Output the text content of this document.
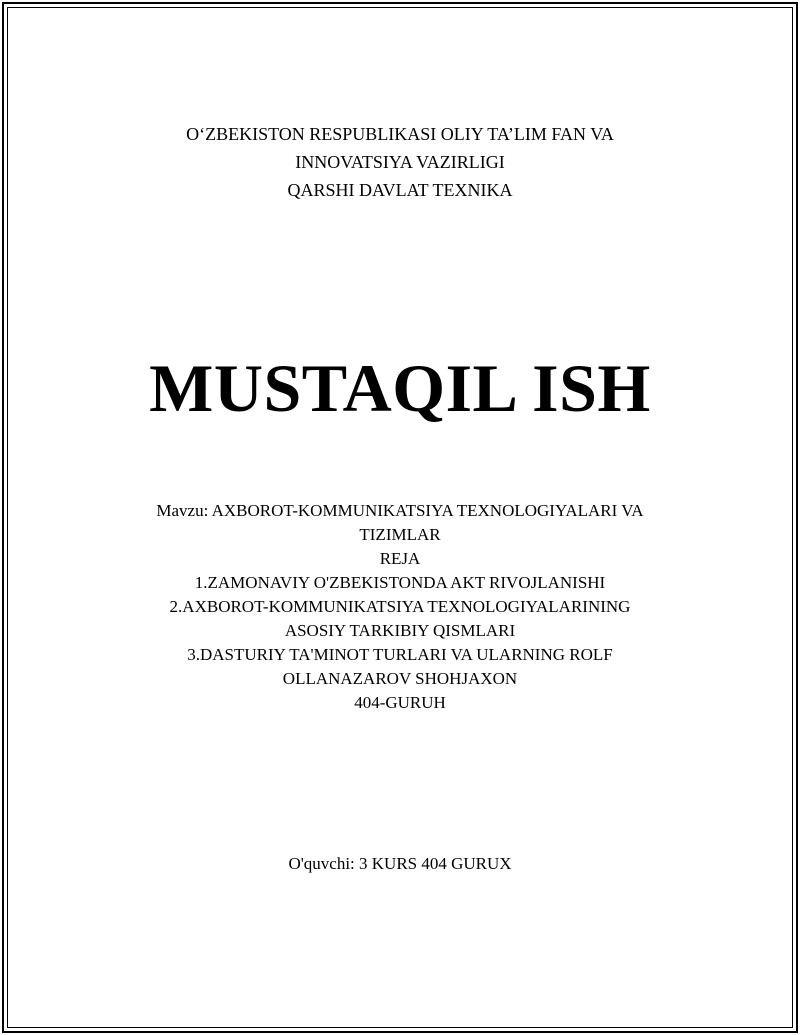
O‘ZBEKISTON RESPUBLIKASI OLIY TA’LIM FAN VA
INNOVATSIYA VAZIRLIGI
QARSHI DAVLAT TEXNIKA
MUSTAQIL ISH
Mavzu: AXBOROT-KOMMUNIKATSIYA TEXNOLOGIYALARI VA
TIZIMLAR
REJA
1.ZAMONAVIY O'ZBEKISTONDA AKT RIVOJLANISHI
2.AXBOROT-KOMMUNIKATSIYA TEXNOLOGIYALARINING
ASOSIY TARKIBIY QISMLARI
3.DASTURIY TA'MINOT TURLARI VA ULARNING ROLF
OLLANAZAROV SHOHJAXON
404-GURUH
O'quvchi: 3 KURS 404 GURUX
